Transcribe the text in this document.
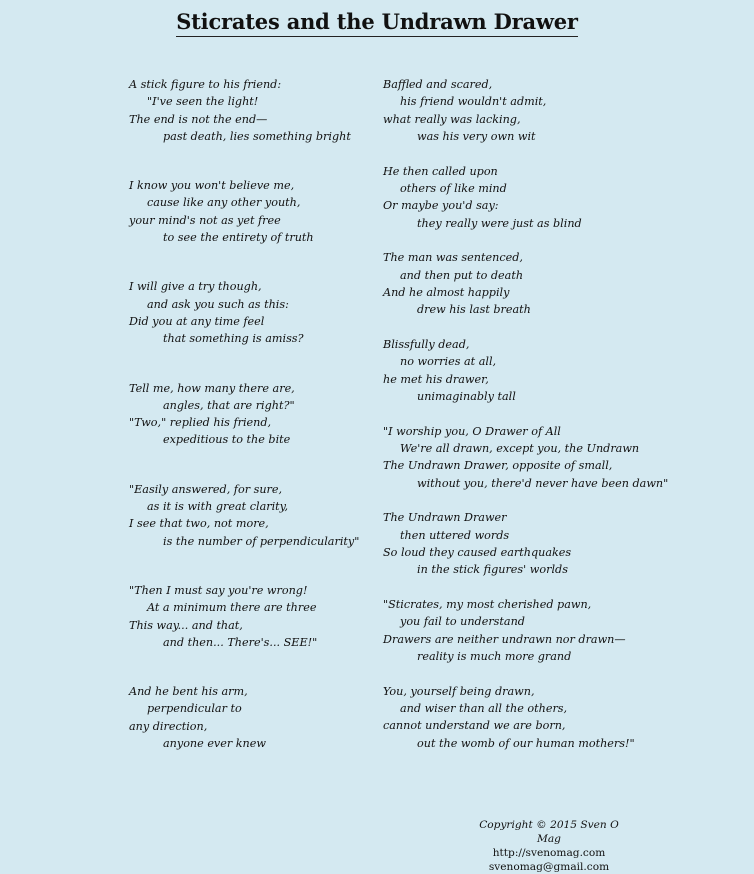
Sticrates and the Undrawn Drawer
A stick figure to his friend:
"I've seen the light!
The end is not the end—
past death, lies something bright
I know you won't believe me,
cause like any other youth,
your mind's not as yet free
to see the entirety of truth
I will give a try though,
and ask you such as this:
Did you at any time feel
that something is amiss?
Tell me, how many there are,
angles, that are right?"
"Two," replied his friend,
expeditious to the bite
"Easily answered, for sure,
as it is with great clarity,
I see that two, not more,
is the number of perpendicularity"
"Then I must say you're wrong!
At a minimum there are three
This way... and that,
and then... There's... SEE!"
And he bent his arm,
perpendicular to
any direction,
anyone ever knew
Baffled and scared,
his friend wouldn't admit,
what really was lacking,
was his very own wit
He then called upon
others of like mind
Or maybe you'd say:
they really were just as blind
The man was sentenced,
and then put to death
And he almost happily
drew his last breath
Blissfully dead,
no worries at all,
he met his drawer,
unimaginably tall
"I worship you, O Drawer of All
We're all drawn, except you, the Undrawn
The Undrawn Drawer, opposite of small,
without you, there'd never have been dawn"
The Undrawn Drawer
then uttered words
So loud they caused earthquakes
in the stick figures' worlds
"Sticrates, my most cherished pawn,
you fail to understand
Drawers are neither undrawn nor drawn—
reality is much more grand
You, yourself being drawn,
and wiser than all the others,
cannot understand we are born,
out the womb of our human mothers!"
Copyright © 2015 Sven O Mag
http://svenomag.com
svenomag@gmail.com
